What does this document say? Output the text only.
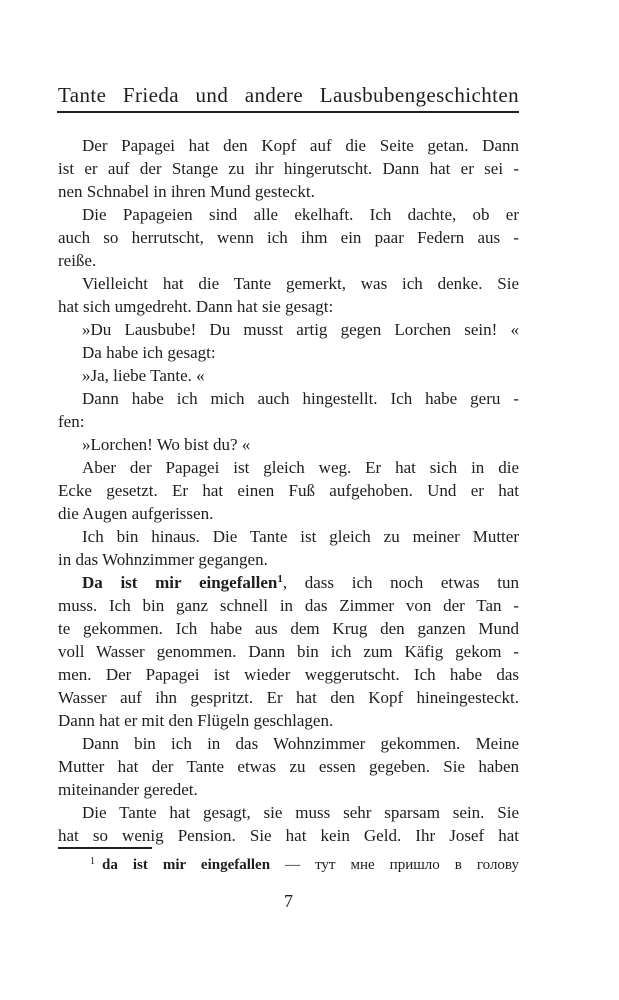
Tante Frieda und andere Lausbubengeschichten
Der Papagei hat den Kopf auf die Seite getan. Dann
ist er auf der Stange zu ihr hingerutscht. Dann hat er sei -
nen Schnabel in ihren Mund gesteckt.
Die Papageien sind alle ekelhaft. Ich dachte, ob er
auch so herrutscht, wenn ich ihm ein paar Federn aus -
reiße.
Vielleicht hat die Tante gemerkt, was ich denke. Sie
hat sich umgedreht. Dann hat sie gesagt:
»Du Lausbube! Du musst artig gegen Lorchen sein! «
Da habe ich gesagt:
»Ja, liebe Tante. «
Dann habe ich mich auch hingestellt. Ich habe geru -
fen:
»Lorchen! Wo bist du? «
Aber der Papagei ist gleich weg. Er hat sich in die
Ecke gesetzt. Er hat einen Fuß aufgehoben. Und er hat
die Augen aufgerissen.
Ich bin hinaus. Die Tante ist gleich zu meiner Mutter
in das Wohnzimmer gegangen.
Da ist mir eingefallen$^1$, dass ich noch etwas tun
muss. Ich bin ganz schnell in das Zimmer von der Tan -
te gekommen. Ich habe aus dem Krug den ganzen Mund
voll Wasser genommen. Dann bin ich zum Käfig gekom -
men. Der Papagei ist wieder weggerutscht. Ich habe das
Wasser auf ihn gespritzt. Er hat den Kopf hineingesteckt.
Dann hat er mit den Flügeln geschlagen.
Dann bin ich in das Wohnzimmer gekommen. Meine
Mutter hat der Tante etwas zu essen gegeben. Sie haben
miteinander geredet.
Die Tante hat gesagt, sie muss sehr sparsam sein. Sie
hat so wenig Pension. Sie hat kein Geld. Ihr Josef hat
$^1$ da ist mir eingefallen — тут мне пришло в голову
7
